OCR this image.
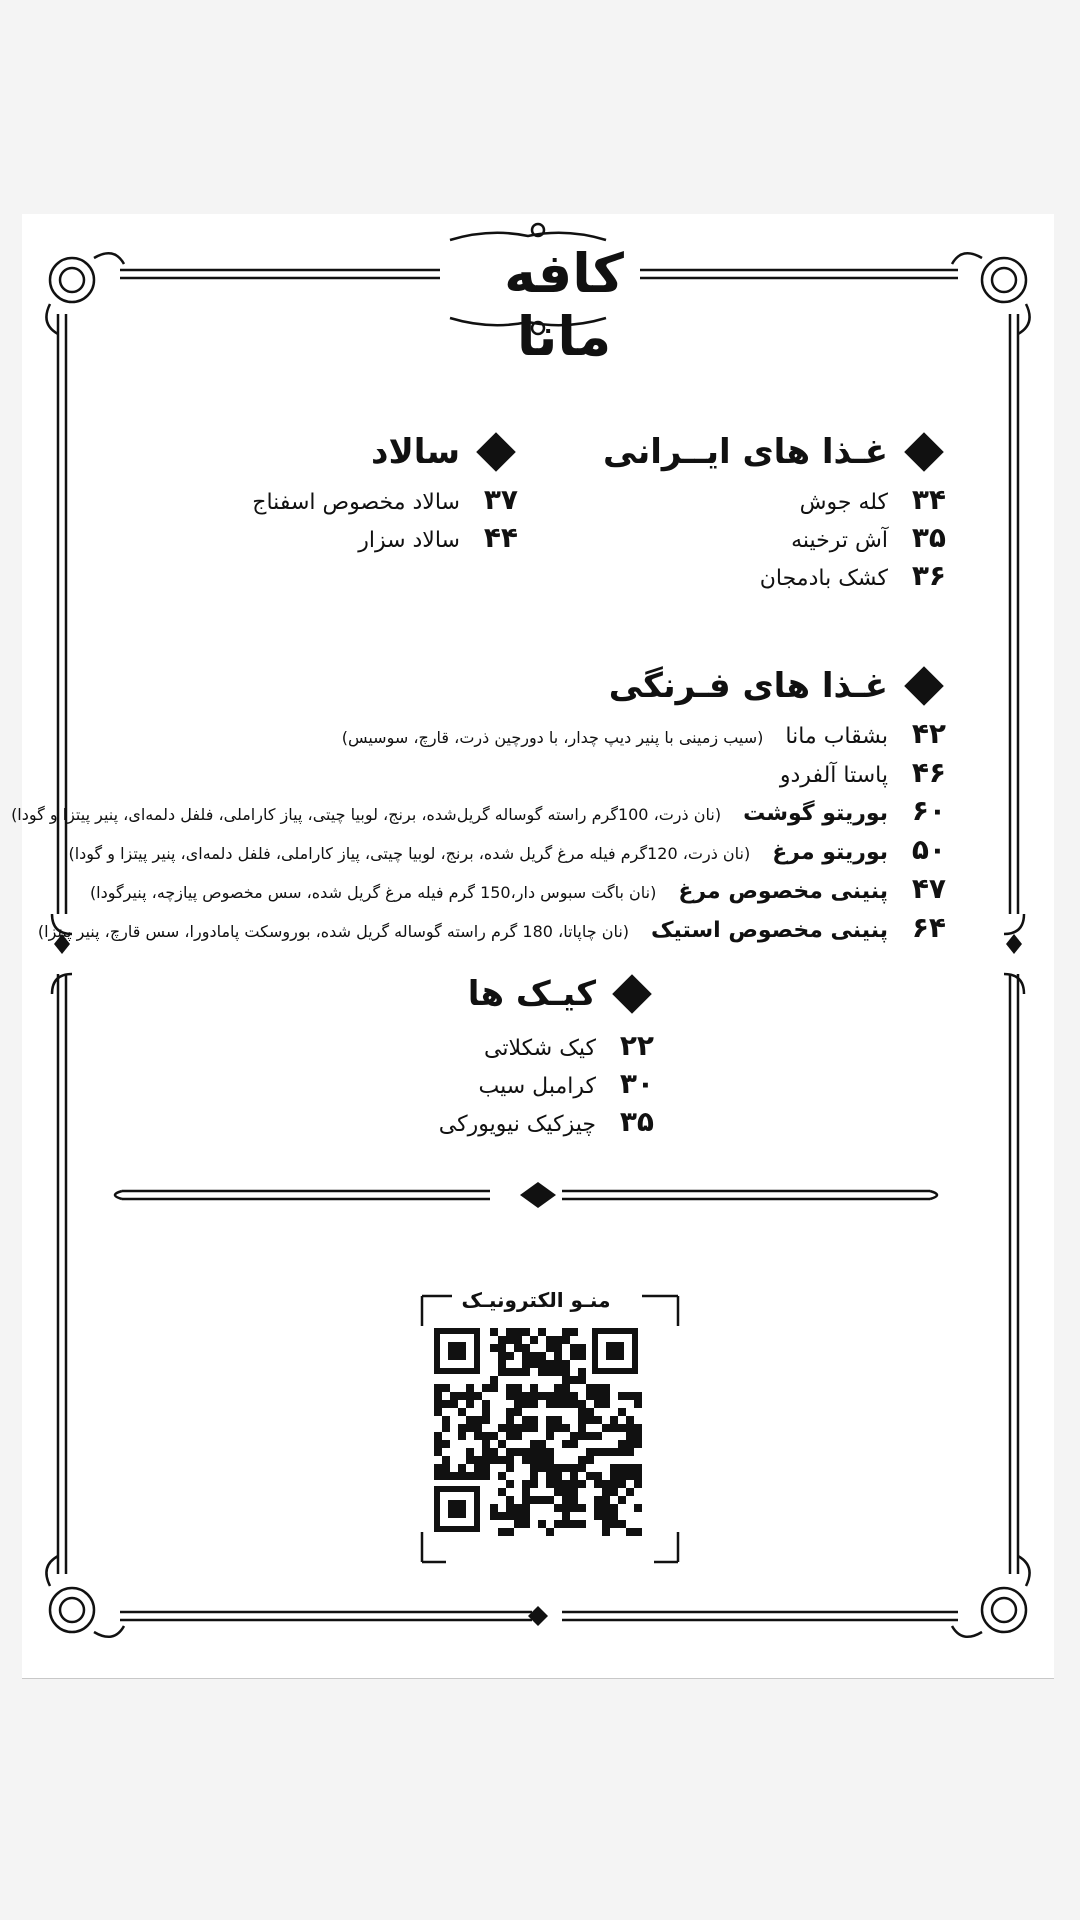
کافه مانا
غـذا های ایــرانی
۳۴
کله جوش
۳۵
آش ترخینه
۳۶
کشک بادمجان
سالاد
۳۷
سالاد مخصوص اسفناج
۴۴
سالاد سزار
غـذا های فـرنگی
۴۲
بشقاب مانا
(سیب زمینی با پنیر دیپ چدار، با دورچین ذرت، قارچ، سوسیس)
۴۶
پاستا آلفردو
۶۰
بوریتو گوشت
(نان ذرت، 100گرم راسته گوساله گریل‌شده، برنج، لوبیا چیتی، پیاز کاراملی، فلفل دلمه‌ای، پنیر پیتزا و گودا)
۵۰
بوریتو مرغ
(نان ذرت، 120گرم فیله مرغ گریل شده، برنج، لوبیا چیتی، پیاز کاراملی، فلفل دلمه‌ای، پنیر پیتزا و گودا)
۴۷
پنینی مخصوص مرغ
(نان باگت سبوس دار،150 گرم فیله مرغ گریل شده، سس مخصوص پیازچه، پنیرگودا)
۶۴
پنینی مخصوص استیک
(نان چاپاتا، 180 گرم راسته گوساله گریل شده، بوروسکت پامادورا، سس قارچ، پنیر پیتزا)
کیـک ها
۲۲
کیک شکلاتی
۳۰
کرامبل سیب
۳۵
چیزکیک نیویورکی
منـو الکترونیـک
